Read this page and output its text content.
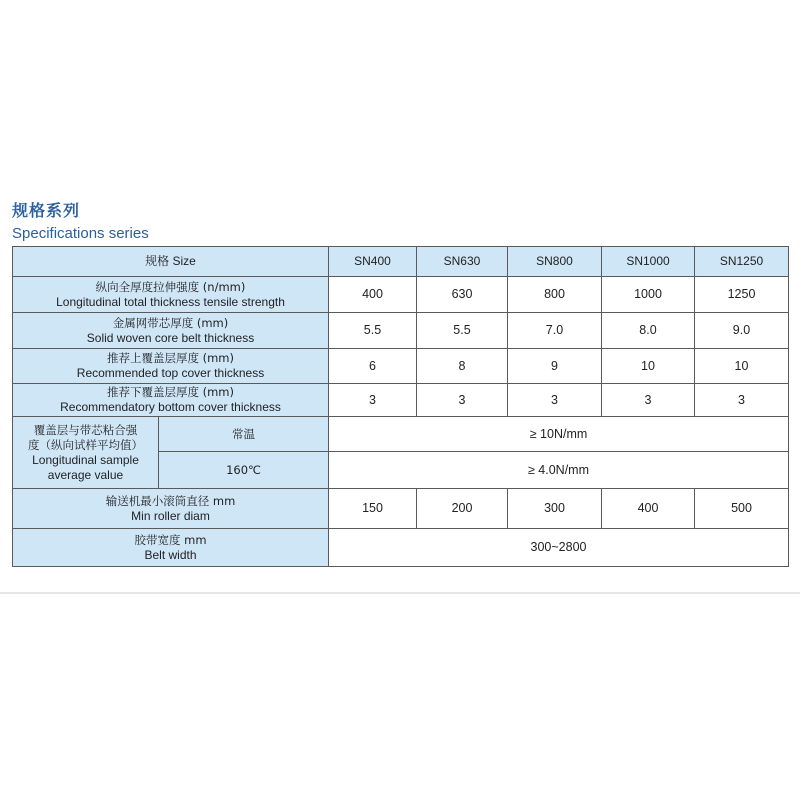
规格系列
Specifications series
规格 Size		SN400	SN630	SN800	SN1000	SN1250

纵向全厚度拉伸强度 (n/mm)
Longitudinal total thickness tensile strength		400	630	800	1000	1250

金属网带芯厚度 (mm)
Solid woven core belt thickness		5.5	5.5	7.0	8.0	9.0

推荐上覆盖层厚度 (mm)
Recommended top cover thickness		6	8	9	10	10

推荐下覆盖层厚度 (mm)
Recommendatory bottom cover thickness		3	3	3	3	3

覆盖层与带芯粘合强
度（纵向试样平均值）
Longitudinal sample
average value	常温	≥ 10N/mm				

	160℃	≥ 4.0N/mm				

输送机最小滚筒直径 mm
Min roller diam		150	200	300	400	500

胶带宽度 mm
Belt width		300~2800				
